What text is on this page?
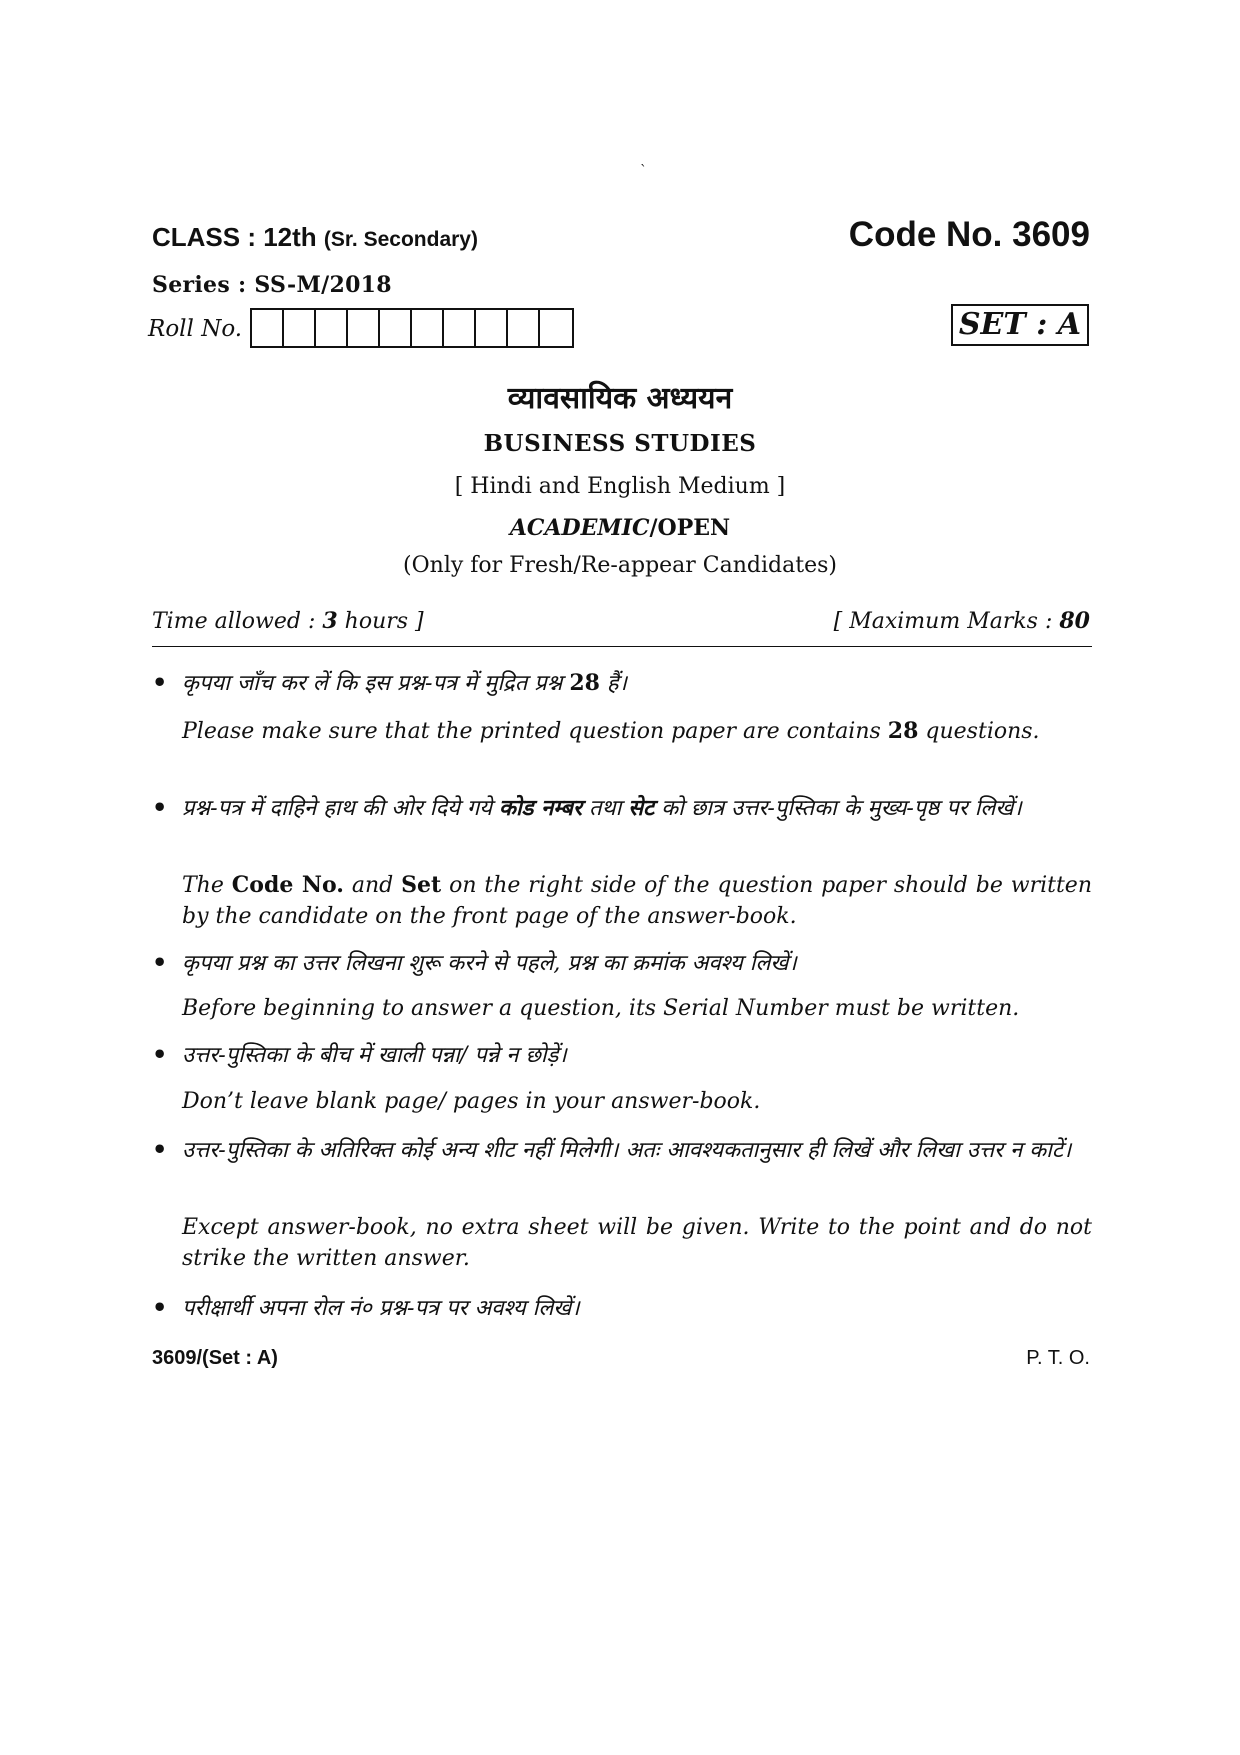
`
CLASS : 12th (Sr. Secondary)	Code No. 3609
Series : SS-M/2018
Roll No.	SET : A
व्यावसायिक अध्ययन
BUSINESS STUDIES
[ Hindi and English Medium ]
ACADEMIC/OPEN
(Only for Fresh/Re-appear Candidates)
Time allowed : 3 hours ]	[ Maximum Marks : 80
• कृपया जाँच कर लें कि इस प्रश्न-पत्र में मुद्रित प्रश्न 28 हैं।
Please make sure that the printed question paper are contains 28 questions.
• प्रश्न-पत्र में दाहिने हाथ की ओर दिये गये कोड नम्बर तथा सेट को छात्र उत्तर-पुस्तिका के मुख्य-पृष्ठ पर लिखें।
The Code No. and Set on the right side of the question paper should be written by the candidate on the front page of the answer-book.
• कृपया प्रश्न का उत्तर लिखना शुरू करने से पहले, प्रश्न का क्रमांक अवश्य लिखें।
Before beginning to answer a question, its Serial Number must be written.
• उत्तर-पुस्तिका के बीच में खाली पन्ना/ पन्ने न छोड़ें।
Don’t leave blank page/ pages in your answer-book.
• उत्तर-पुस्तिका के अतिरिक्त कोई अन्य शीट नहीं मिलेगी। अतः आवश्यकतानुसार ही लिखें और लिखा उत्तर न काटें।
Except answer-book, no extra sheet will be given. Write to the point and do not strike the written answer.
• परीक्षार्थी अपना रोल नं० प्रश्न-पत्र पर अवश्य लिखें।
3609/(Set : A)	P. T. O.
